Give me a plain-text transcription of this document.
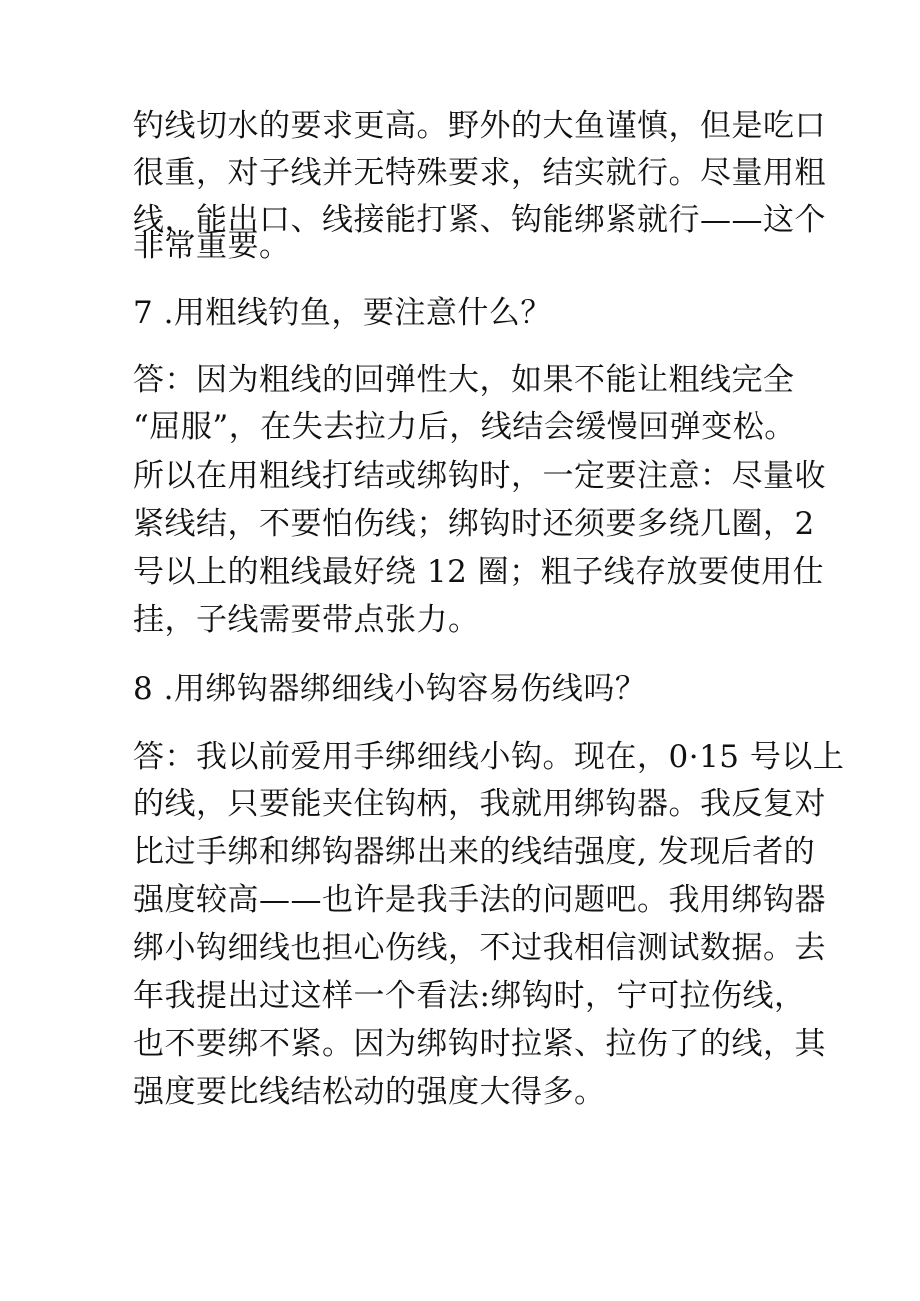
钓线切水的要求更高。野外的大鱼谨慎，但是吃口
很重，对子线并无特殊要求，结实就行。尽量用粗
线，能出口、线接能打紧、钩能绑紧就行——这个
非常重要。
7 .用粗线钓鱼，要注意什么？
答：因为粗线的回弹性大，如果不能让粗线完全
“屈服”，在失去拉力后，线结会缓慢回弹变松。
所以在用粗线打结或绑钩时，一定要注意：尽量收
紧线结，不要怕伤线；绑钩时还须要多绕几圈，2
号以上的粗线最好绕 12 圈；粗子线存放要使用仕
挂，子线需要带点张力。
8 .用绑钩器绑细线小钩容易伤线吗？
答：我以前爱用手绑细线小钩。现在，0·15 号以上
的线，只要能夹住钩柄，我就用绑钩器。我反复对
比过手绑和绑钩器绑出来的线结强度, 发现后者的
强度较高——也许是我手法的问题吧。我用绑钩器
绑小钩细线也担心伤线，不过我相信测试数据。去
年我提出过这样一个看法:绑钩时，宁可拉伤线，
也不要绑不紧。因为绑钩时拉紧、拉伤了的线，其
强度要比线结松动的强度大得多。
